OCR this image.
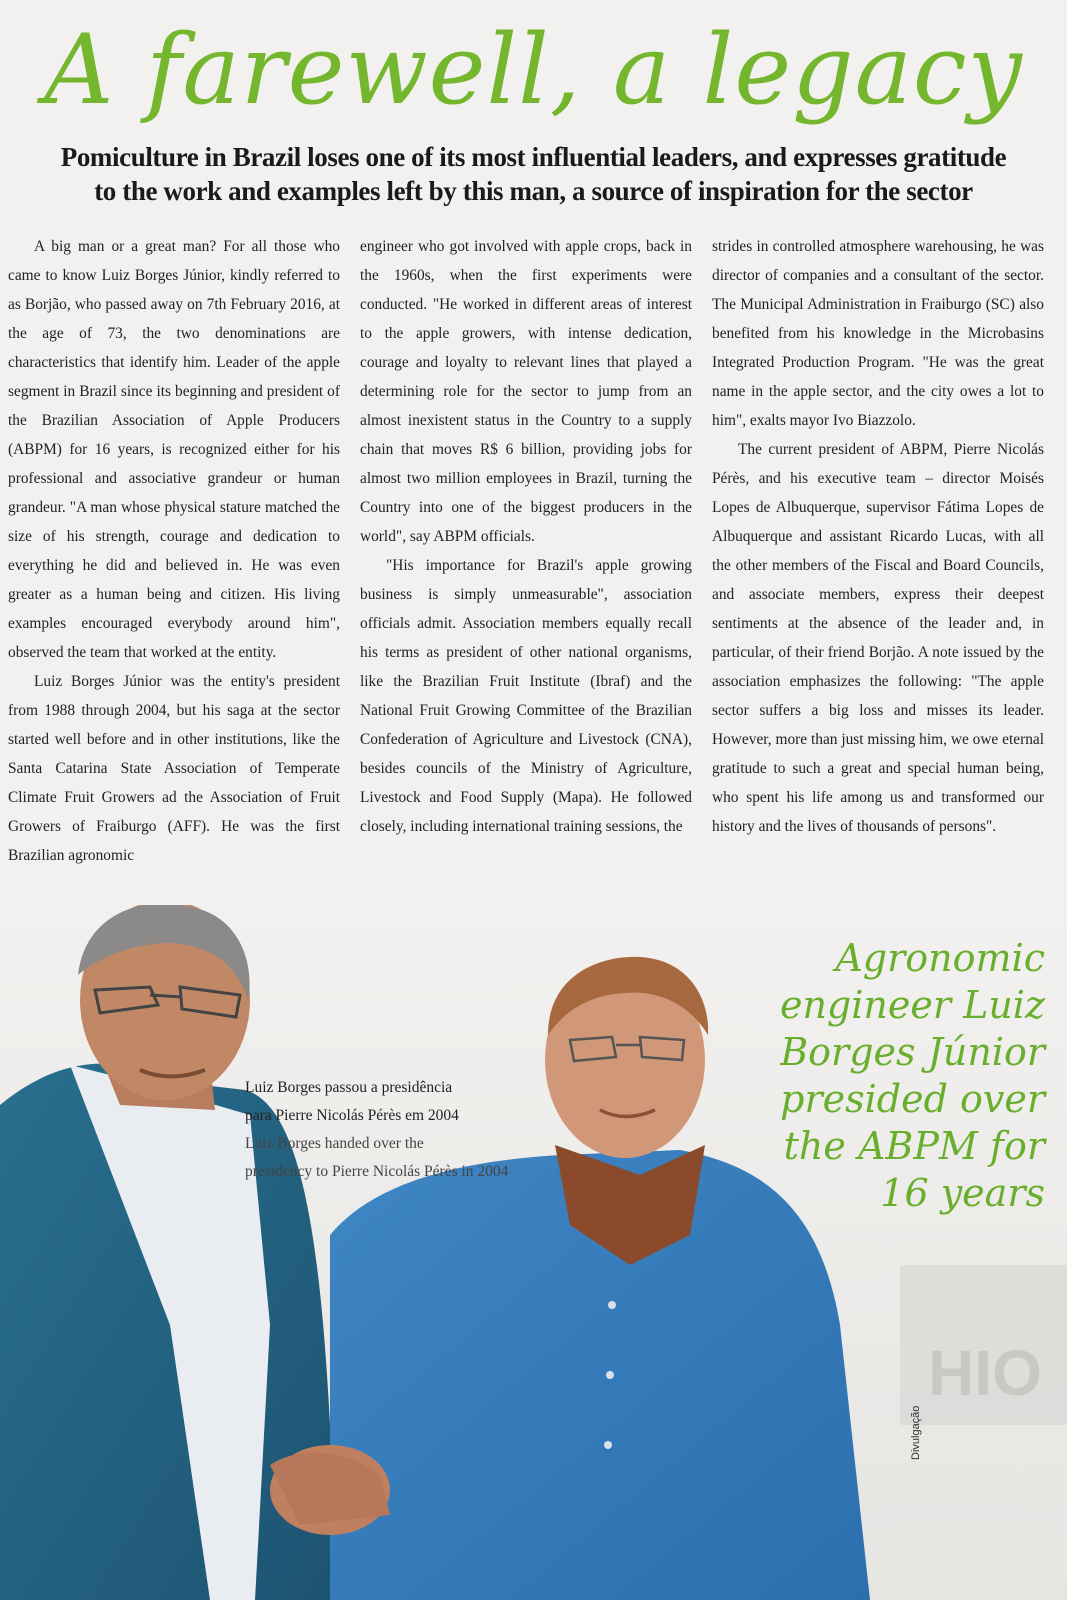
A farewell, a legacy
Pomiculture in Brazil loses one of its most influential leaders, and expresses gratitude
to the work and examples left by this man, a source of inspiration for the sector

A big man or a great man? For all those who came to know Luiz Borges Júnior, kindly referred to as Borjão, who passed away on 7th February 2016, at the age of 73, the two denominations are characteristics that identify him. Leader of the apple segment in Brazil since its beginning and president of the Brazilian Association of Apple Producers (ABPM) for 16 years, is recognized either for his professional and associative grandeur or human grandeur. "A man whose physical stature matched the size of his strength, courage and dedication to everything he did and believed in. He was even greater as a human being and citizen. His living examples encouraged everybody around him", observed the team that worked at the entity.

Luiz Borges Júnior was the entity's president from 1988 through 2004, but his saga at the sector started well before and in other institutions, like the Santa Catarina State Association of Temperate Climate Fruit Growers ad the Association of Fruit Growers of Fraiburgo (AFF). He was the first Brazilian agronomic

engineer who got involved with apple crops, back in the 1960s, when the first experiments were conducted. "He worked in different areas of interest to the apple growers, with intense dedication, courage and loyalty to relevant lines that played a determining role for the sector to jump from an almost inexistent status in the Country to a supply chain that moves R$ 6 billion, providing jobs for almost two million employees in Brazil, turning the Country into one of the biggest producers in the world", say ABPM officials.

"His importance for Brazil's apple growing business is simply unmeasurable", association officials admit. Association members equally recall his terms as president of other national organisms, like the Brazilian Fruit Institute (Ibraf) and the National Fruit Growing Committee of the Brazilian Confederation of Agriculture and Livestock (CNA), besides councils of the Ministry of Agriculture, Livestock and Food Supply (Mapa). He followed closely, including international training sessions, the

strides in controlled atmosphere warehousing, he was director of companies and a consultant of the sector. The Municipal Administration in Fraiburgo (SC) also benefited from his knowledge in the Microbasins Integrated Production Program. "He was the great name in the apple sector, and the city owes a lot to him", exalts mayor Ivo Biazzolo.

The current president of ABPM, Pierre Nicolás Pérès, and his executive team – director Moisés Lopes de Albuquerque, supervisor Fátima Lopes de Albuquerque and assistant Ricardo Lucas, with all the other members of the Fiscal and Board Councils, and associate members, express their deepest sentiments at the absence of the leader and, in particular, of their friend Borjão. A note issued by the association emphasizes the following: "The apple sector suffers a big loss and misses its leader. However, more than just missing him, we owe eternal gratitude to such a great and special human being, who spent his life among us and transformed our history and the lives of thousands of persons".

HIO
Luiz Borges passou a presidência
para Pierre Nicolás Pérès em 2004
Luiz Borges handed over the
presidency to Pierre Nicolás Pérès in 2004
Agronomic
engineer Luiz
Borges Júnior
presided over
the ABPM for
16 years
Divulgação
